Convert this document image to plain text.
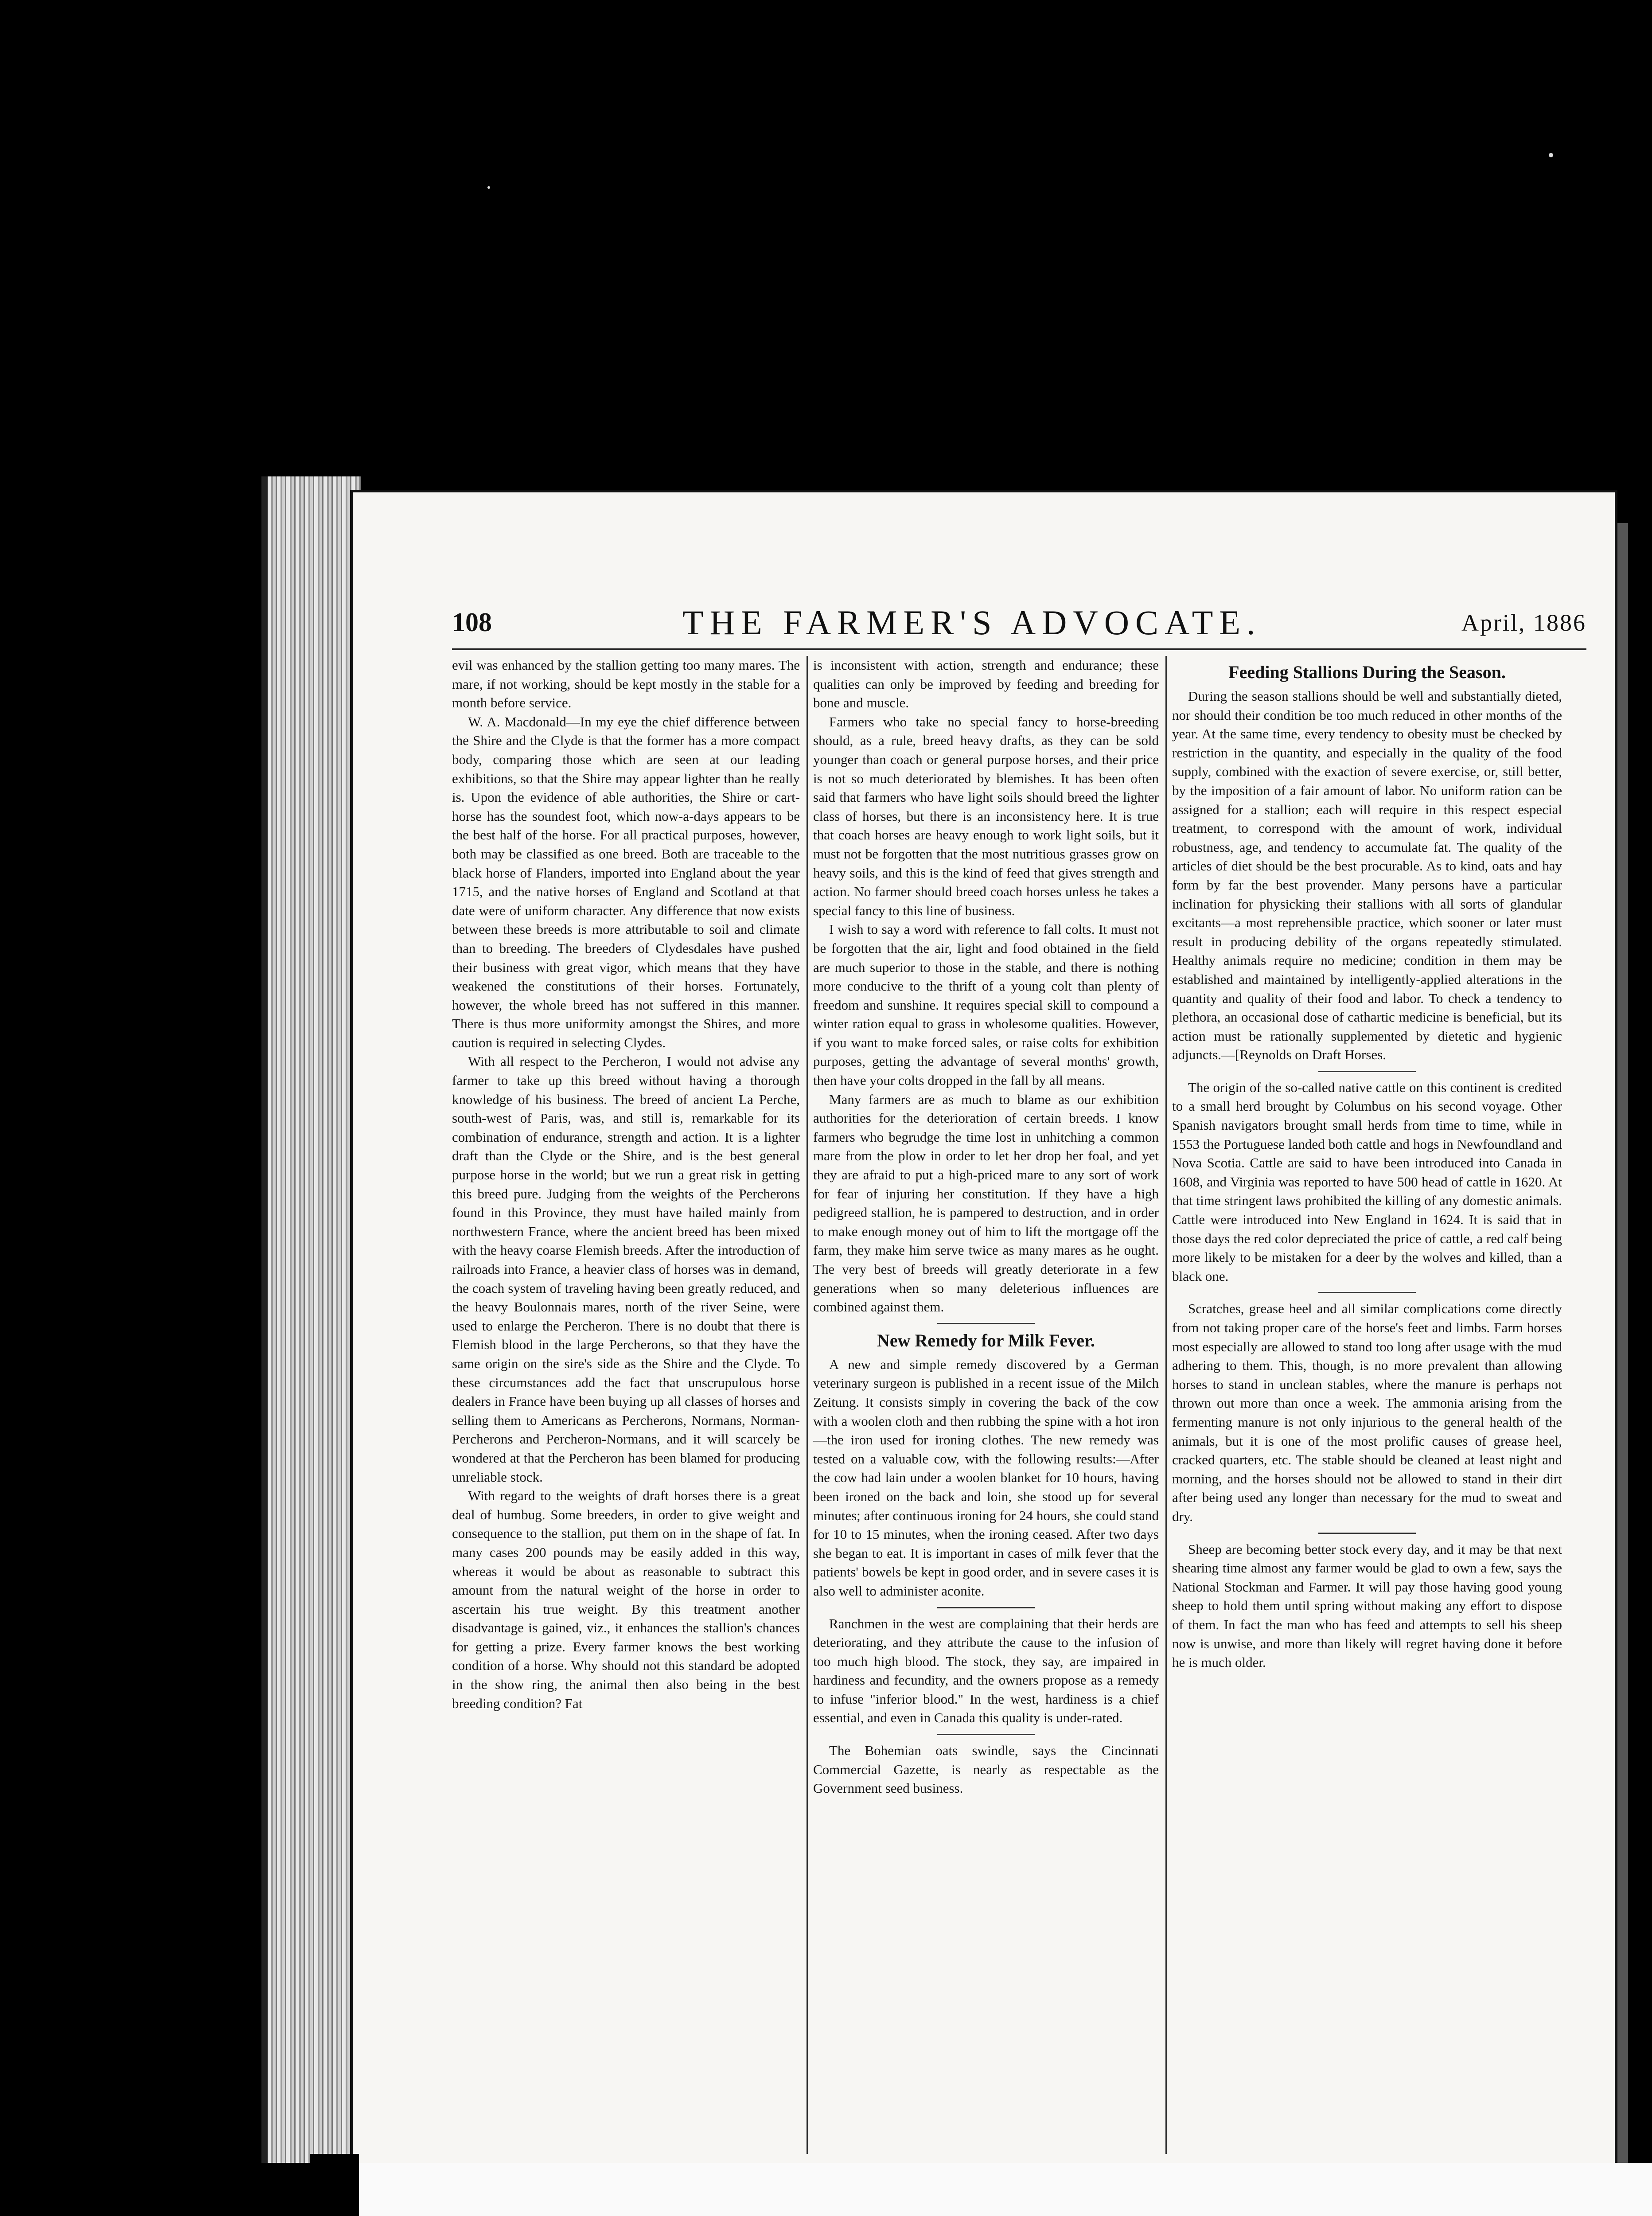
108	THE FARMER'S ADVOCATE.	April, 1886

evil was enhanced by the stallion getting too many mares. The mare, if not working, should be kept mostly in the stable for a month before service.

W. A. Macdonald—In my eye the chief difference between the Shire and the Clyde is that the former has a more compact body, comparing those which are seen at our leading exhibitions, so that the Shire may appear lighter than he really is. Upon the evidence of able authorities, the Shire or cart-horse has the soundest foot, which now-a-days appears to be the best half of the horse. For all practical purposes, however, both may be classified as one breed. Both are traceable to the black horse of Flanders, imported into England about the year 1715, and the native horses of England and Scotland at that date were of uniform character. Any difference that now exists between these breeds is more attributable to soil and climate than to breeding. The breeders of Clydesdales have pushed their business with great vigor, which means that they have weakened the constitutions of their horses. Fortunately, however, the whole breed has not suffered in this manner. There is thus more uniformity amongst the Shires, and more caution is required in selecting Clydes.

With all respect to the Percheron, I would not advise any farmer to take up this breed without having a thorough knowledge of his business. The breed of ancient La Perche, south-west of Paris, was, and still is, remarkable for its combination of endurance, strength and action. It is a lighter draft than the Clyde or the Shire, and is the best general purpose horse in the world; but we run a great risk in getting this breed pure. Judging from the weights of the Percherons found in this Province, they must have hailed mainly from northwestern France, where the ancient breed has been mixed with the heavy coarse Flemish breeds. After the introduction of railroads into France, a heavier class of horses was in demand, the coach system of traveling having been greatly reduced, and the heavy Boulonnais mares, north of the river Seine, were used to enlarge the Percheron. There is no doubt that there is Flemish blood in the large Percherons, so that they have the same origin on the sire's side as the Shire and the Clyde. To these circumstances add the fact that unscrupulous horse dealers in France have been buying up all classes of horses and selling them to Americans as Percherons, Normans, Norman-Percherons and Percheron-Normans, and it will scarcely be wondered at that the Percheron has been blamed for producing unreliable stock.

With regard to the weights of draft horses there is a great deal of humbug. Some breeders, in order to give weight and consequence to the stallion, put them on in the shape of fat. In many cases 200 pounds may be easily added in this way, whereas it would be about as reasonable to subtract this amount from the natural weight of the horse in order to ascertain his true weight. By this treatment another disadvantage is gained, viz., it enhances the stallion's chances for getting a prize. Every farmer knows the best working condition of a horse. Why should not this standard be adopted in the show ring, the animal then also being in the best breeding condition? Fat

is inconsistent with action, strength and endurance; these qualities can only be improved by feeding and breeding for bone and muscle.

Farmers who take no special fancy to horse-breeding should, as a rule, breed heavy drafts, as they can be sold younger than coach or general purpose horses, and their price is not so much deteriorated by blemishes. It has been often said that farmers who have light soils should breed the lighter class of horses, but there is an inconsistency here. It is true that coach horses are heavy enough to work light soils, but it must not be forgotten that the most nutritious grasses grow on heavy soils, and this is the kind of feed that gives strength and action. No farmer should breed coach horses unless he takes a special fancy to this line of business.

I wish to say a word with reference to fall colts. It must not be forgotten that the air, light and food obtained in the field are much superior to those in the stable, and there is nothing more conducive to the thrift of a young colt than plenty of freedom and sunshine. It requires special skill to compound a winter ration equal to grass in wholesome qualities. However, if you want to make forced sales, or raise colts for exhibition purposes, getting the advantage of several months' growth, then have your colts dropped in the fall by all means.

Many farmers are as much to blame as our exhibition authorities for the deterioration of certain breeds. I know farmers who begrudge the time lost in unhitching a common mare from the plow in order to let her drop her foal, and yet they are afraid to put a high-priced mare to any sort of work for fear of injuring her constitution. If they have a high pedigreed stallion, he is pampered to destruction, and in order to make enough money out of him to lift the mortgage off the farm, they make him serve twice as many mares as he ought. The very best of breeds will greatly deteriorate in a few generations when so many deleterious influences are combined against them.

New Remedy for Milk Fever.

A new and simple remedy discovered by a German veterinary surgeon is published in a recent issue of the Milch Zeitung. It consists simply in covering the back of the cow with a woolen cloth and then rubbing the spine with a hot iron—the iron used for ironing clothes. The new remedy was tested on a valuable cow, with the following results:—After the cow had lain under a woolen blanket for 10 hours, having been ironed on the back and loin, she stood up for several minutes; after continuous ironing for 24 hours, she could stand for 10 to 15 minutes, when the ironing ceased. After two days she began to eat. It is important in cases of milk fever that the patients' bowels be kept in good order, and in severe cases it is also well to administer aconite.

Ranchmen in the west are complaining that their herds are deteriorating, and they attribute the cause to the infusion of too much high blood. The stock, they say, are impaired in hardiness and fecundity, and the owners propose as a remedy to infuse "inferior blood." In the west, hardiness is a chief essential, and even in Canada this quality is under-rated.

The Bohemian oats swindle, says the Cincinnati Commercial Gazette, is nearly as respectable as the Government seed business.

Feeding Stallions During the Season.

During the season stallions should be well and substantially dieted, nor should their condition be too much reduced in other months of the year. At the same time, every tendency to obesity must be checked by restriction in the quantity, and especially in the quality of the food supply, combined with the exaction of severe exercise, or, still better, by the imposition of a fair amount of labor. No uniform ration can be assigned for a stallion; each will require in this respect especial treatment, to correspond with the amount of work, individual robustness, age, and tendency to accumulate fat. The quality of the articles of diet should be the best procurable. As to kind, oats and hay form by far the best provender. Many persons have a particular inclination for physicking their stallions with all sorts of glandular excitants—a most reprehensible practice, which sooner or later must result in producing debility of the organs repeatedly stimulated. Healthy animals require no medicine; condition in them may be established and maintained by intelligently-applied alterations in the quantity and quality of their food and labor. To check a tendency to plethora, an occasional dose of cathartic medicine is beneficial, but its action must be rationally supplemented by dietetic and hygienic adjuncts.—[Reynolds on Draft Horses.

The origin of the so-called native cattle on this continent is credited to a small herd brought by Columbus on his second voyage. Other Spanish navigators brought small herds from time to time, while in 1553 the Portuguese landed both cattle and hogs in Newfoundland and Nova Scotia. Cattle are said to have been introduced into Canada in 1608, and Virginia was reported to have 500 head of cattle in 1620. At that time stringent laws prohibited the killing of any domestic animals. Cattle were introduced into New England in 1624. It is said that in those days the red color depreciated the price of cattle, a red calf being more likely to be mistaken for a deer by the wolves and killed, than a black one.

Scratches, grease heel and all similar complications come directly from not taking proper care of the horse's feet and limbs. Farm horses most especially are allowed to stand too long after usage with the mud adhering to them. This, though, is no more prevalent than allowing horses to stand in unclean stables, where the manure is perhaps not thrown out more than once a week. The ammonia arising from the fermenting manure is not only injurious to the general health of the animals, but it is one of the most prolific causes of grease heel, cracked quarters, etc. The stable should be cleaned at least night and morning, and the horses should not be allowed to stand in their dirt after being used any longer than necessary for the mud to sweat and dry.

Sheep are becoming better stock every day, and it may be that next shearing time almost any farmer would be glad to own a few, says the National Stockman and Farmer. It will pay those having good young sheep to hold them until spring without making any effort to dispose of them. In fact the man who has feed and attempts to sell his sheep now is unwise, and more than likely will regret having done it before he is much older.
